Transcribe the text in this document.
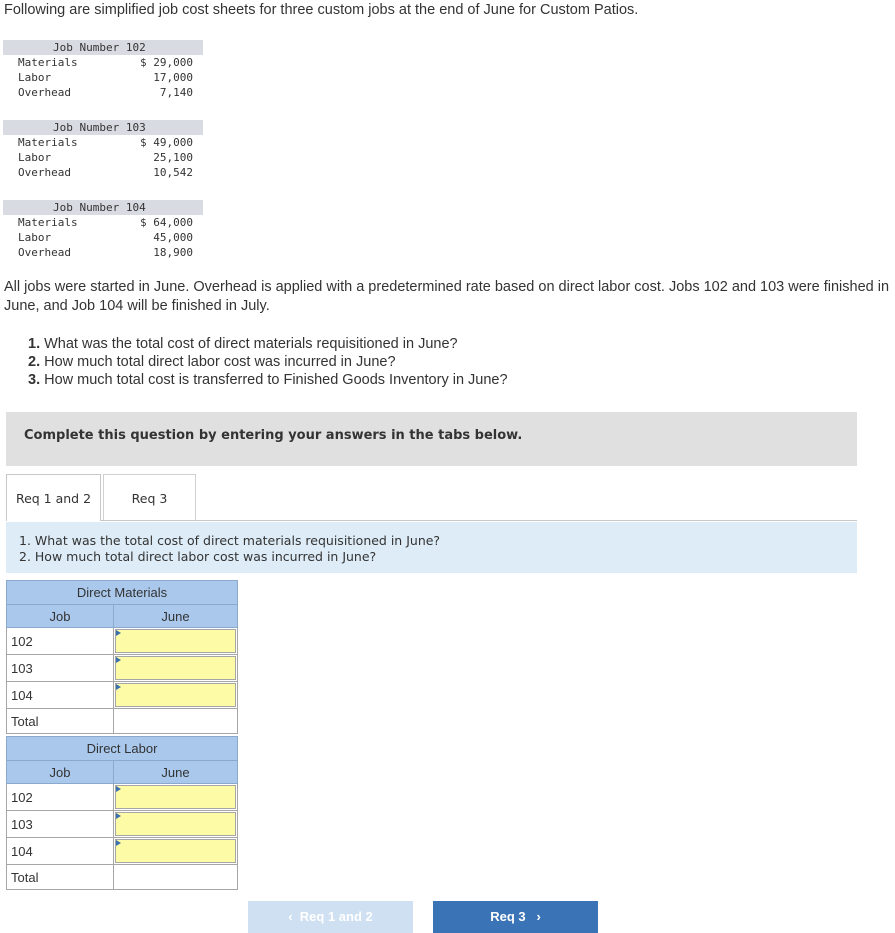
Following are simplified job cost sheets for three custom jobs at the end of June for Custom Patios.
Job Number 102
Materials	$ 29,000
Labor	17,000
Overhead	7,140
Job Number 103
Materials	$ 49,000
Labor	25,100
Overhead	10,542
Job Number 104
Materials	$ 64,000
Labor	45,000
Overhead	18,900
All jobs were started in June. Overhead is applied with a predetermined rate based on direct labor cost. Jobs 102 and 103 were finished in June, and Job 104 will be finished in July.
1. What was the total cost of direct materials requisitioned in June?
2. How much total direct labor cost was incurred in June?
3. How much total cost is transferred to Finished Goods Inventory in June?
Complete this question by entering your answers in the tabs below.
Req 1 and 2	Req 3
1. What was the total cost of direct materials requisitioned in June?
2. How much total direct labor cost was incurred in June?
Direct Materials	
Job	June
102	

103	

104	

Total	
Direct Labor	
Job	June
102	

103	

104	

Total	
‹ Req 1 and 2	Req 3 ›
